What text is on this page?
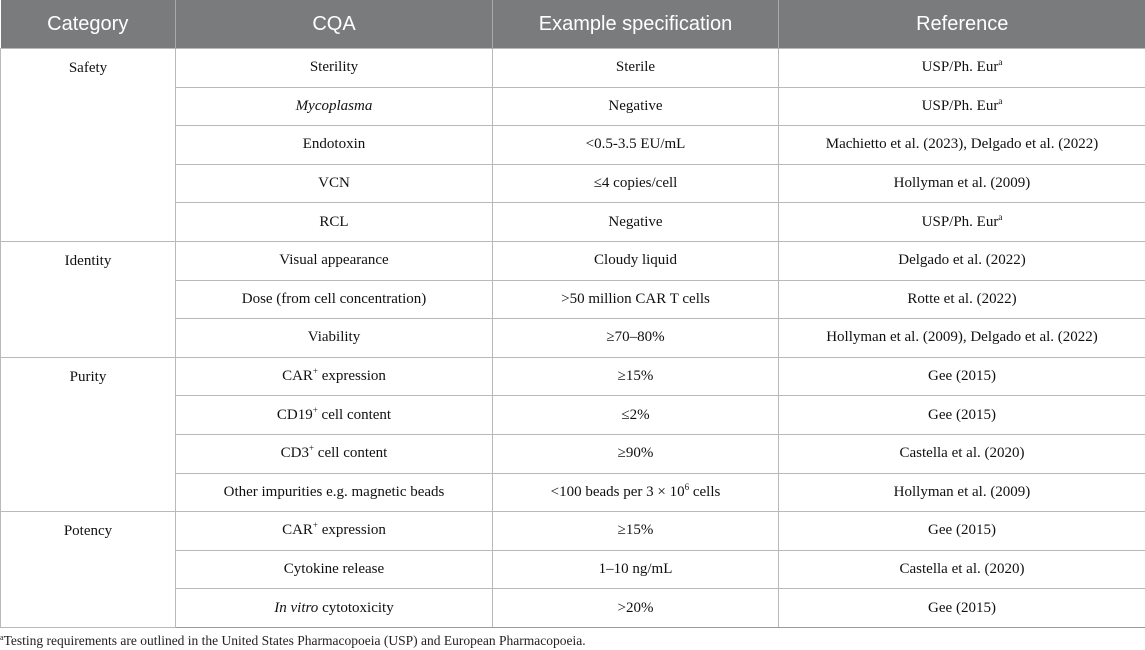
Category	CQA	Example specification	Reference
Safety	Sterility	Sterile	USP/Ph. Eur$^a$
	Mycoplasma	Negative	USP/Ph. Eur$^a$
	Endotoxin	<0.5-3.5 EU/mL	Machietto et al. (2023), Delgado et al. (2022)
	VCN	≤4 copies/cell	Hollyman et al. (2009)
	RCL	Negative	USP/Ph. Eur$^a$
Identity	Visual appearance	Cloudy liquid	Delgado et al. (2022)
	Dose (from cell concentration)	>50 million CAR T cells	Rotte et al. (2022)
	Viability	≥70–80%	Hollyman et al. (2009), Delgado et al. (2022)
Purity	CAR+ expression	≥15%	Gee (2015)
	CD19+ cell content	≤2%	Gee (2015)
	CD3+ cell content	≥90%	Castella et al. (2020)
	Other impurities e.g. magnetic beads	<100 beads per $3 \times 10^6$ cells	Hollyman et al. (2009)
Potency	CAR+ expression	≥15%	Gee (2015)
	Cytokine release	1–10 ng/mL	Castella et al. (2020)
	In vitro cytotoxicity	>20%	Gee (2015)
$^a$Testing requirements are outlined in the United States Pharmacopoeia (USP) and European Pharmacopoeia.
